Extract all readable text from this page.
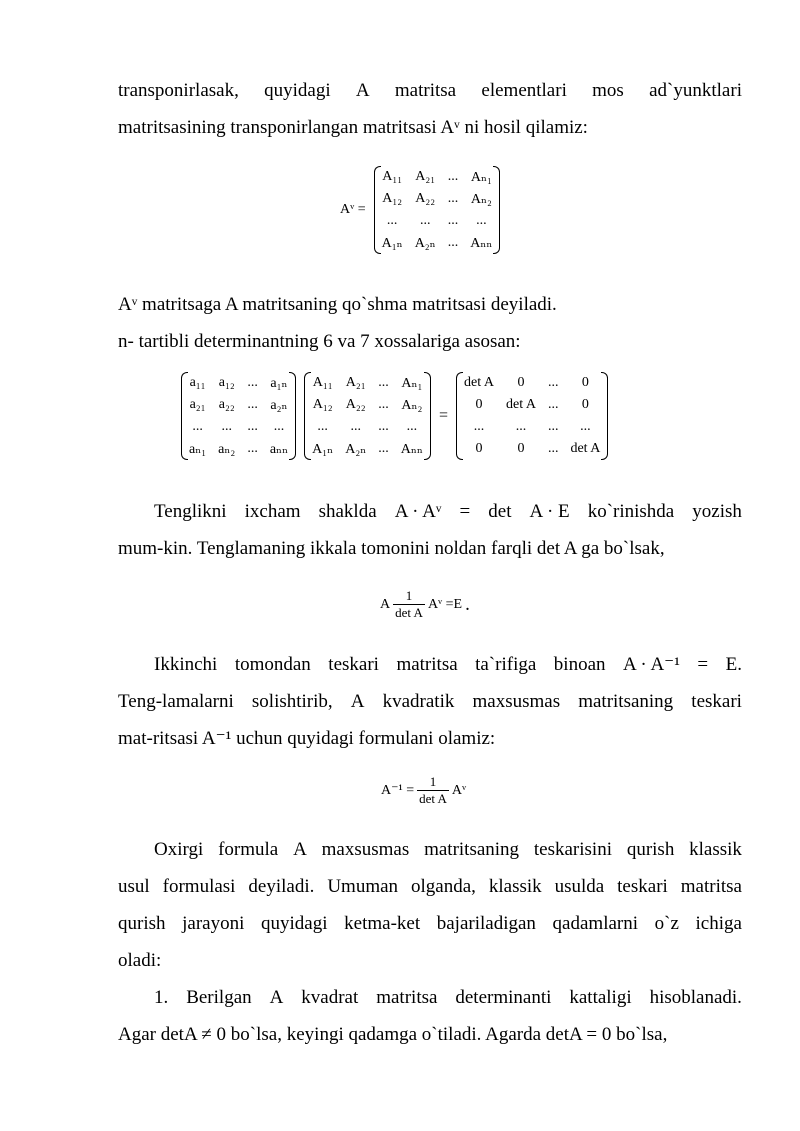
transponirlasak, quyidagi A matritsa elementlari mos ad`yunktlari
matritsasining transponirlangan matritsasi Aᵛ ni hosil qilamiz:
Aᵛ =
A₁₁	A₂₁	...	Aₙ₁
A₁₂	A₂₂	...	Aₙ₂
...	...	...	...
A₁ₙ	A₂ₙ	...	Aₙₙ
Aᵛ matritsaga A matritsaning qo`shma matritsasi deyiladi.
n- tartibli determinantning 6 va 7 xossalariga asosan:
a₁₁	a₁₂	...	a₁ₙ
a₂₁	a₂₂	...	a₂ₙ
...	...	...	...
aₙ₁	aₙ₂	...	aₙₙ
A₁₁	A₂₁	...	Aₙ₁
A₁₂	A₂₂	...	Aₙ₂
...	...	...	...
A₁ₙ	A₂ₙ	...	Aₙₙ
=
det A	0	...	0
0	det A	...	0
...	...	...	...
0	0	...	det A
Tenglikni ixcham shaklda A · Aᵛ = det A · E ko`rinishda yozish
mum-kin. Tenglamaning ikkala tomonini noldan farqli det A ga bo`lsak,
A $\frac{1}{\text{det A}}$ Aᵛ =E .
Ikkinchi tomondan teskari matritsa ta`rifiga binoan A · A⁻¹ = E.
Teng-lamalarni solishtirib, A kvadratik maxsusmas matritsaning teskari
mat-ritsasi A⁻¹ uchun quyidagi formulani olamiz:
$A^{-1} = \frac{1}{\text{det A}}$ Aᵛ
Oxirgi formula A maxsusmas matritsaning teskarisini qurish klassik
usul formulasi deyiladi. Umuman olganda, klassik usulda teskari matritsa
qurish jarayoni quyidagi ketma-ket bajariladigan qadamlarni o`z ichiga
oladi:
1. Berilgan A kvadrat matritsa determinanti kattaligi hisoblanadi.
Agar detA ≠ 0 bo`lsa, keyingi qadamga o`tiladi. Agarda detA = 0 bo`lsa,
